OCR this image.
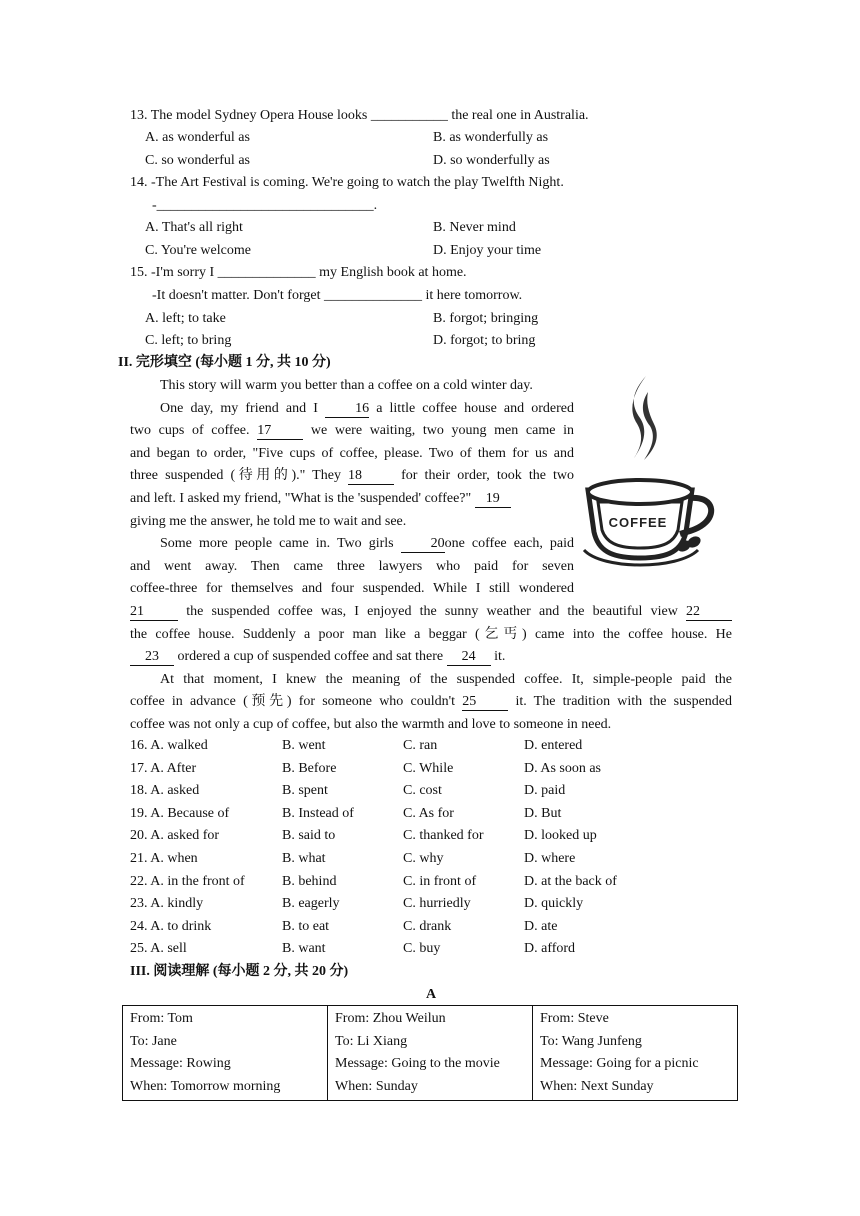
13. The model Sydney Opera House looks ___________ the real one in Australia.
A. as wonderful as	B. as wonderfully as
C. so wonderful as	D. so wonderfully as
14. -The Art Festival is coming. We're going to watch the play Twelfth Night.
-_______________________________.
A. That's all right	B. Never mind
C. You're welcome	D. Enjoy your time
15. -I'm sorry I ______________ my English book at home.
-It doesn't matter. Don't forget ______________ it here tomorrow.
A. left; to take	B. forgot; bringing
C. left; to bring	D. forgot; to bring
II. 完形填空 (每小题 1 分, 共 10 分)
COFFEE

This story will warm you better than a coffee on a cold winter day.

One day, my friend and I	16 a little coffee house and ordered

two cups of coffee. 17	we were waiting, two young men came in

and began to order, "Five cups of coffee, please. Two of them for us and

three suspended (待用的)." They 18	for their order, took the two

and left. I asked my friend, "What is the 'suspended' coffee?" 19

giving me the answer, he told me to wait and see.

Some more people came in. Two girls	20one coffee each, paid

and went away. Then came three lawyers who paid for seven

coffee-three for themselves and four suspended. While I still wondered

21	the suspended coffee was, I enjoyed the sunny weather and the beautiful view 22

the coffee house. Suddenly a poor man like a beggar (乞丐) came into the coffee house. He

23 ordered a cup of suspended coffee and sat there 24 it.

At that moment, I knew the meaning of the suspended coffee. It, simple-people paid the

coffee in advance (预先) for someone who couldn't 25	it. The tradition with the suspended

coffee was not only a cup of coffee, but also the warmth and love to someone in need.

16. A. walked	B. went	C. ran	D. entered
17. A. After	B. Before	C. While	D. As soon as
18. A. asked	B. spent	C. cost	D. paid
19. A. Because of	B. Instead of	C. As for	D. But
20. A. asked for	B. said to	C. thanked for	D. looked up
21. A. when	B. what	C. why	D. where
22. A. in the front of	B. behind	C. in front of	D. at the back of
23. A. kindly	B. eagerly	C. hurriedly	D. quickly
24. A. to drink	B. to eat	C. drank	D. ate
25. A. sell	B. want	C. buy	D. afford
III. 阅读理解 (每小题 2 分, 共 20 分)
A
From: Tom
To: Jane
Message: Rowing
When: Tomorrow morning

From: Zhou Weilun
To: Li Xiang
Message: Going to the movie
When: Sunday

From: Steve
To: Wang Junfeng
Message: Going for a picnic
When: Next Sunday
